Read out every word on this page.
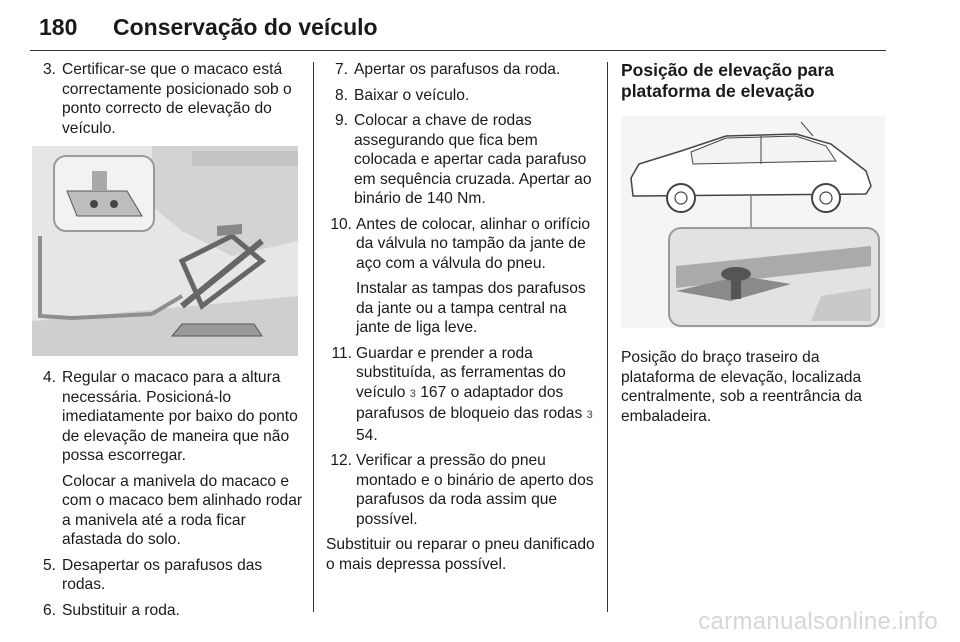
180 Conservação do veículo
3. Certificar-se que o macaco está correctamente posicionado sob o ponto correcto de elevação do veículo.
4. Regular o macaco para a altura necessária. Posicioná-lo imediatamente por baixo do ponto de elevação de maneira que não possa escorregar.
Colocar a manivela do macaco e com o macaco bem alinhado rodar a manivela até a roda ficar afastada do solo.
5. Desapertar os parafusos das rodas.
6. Substituir a roda.
7. Apertar os parafusos da roda.
8. Baixar o veículo.
9. Colocar a chave de rodas assegurando que fica bem colocada e apertar cada parafuso em sequência cruzada. Apertar ao binário de 140 Nm.
10. Antes de colocar, alinhar o orifício da válvula no tampão da jante de aço com a válvula do pneu.
Instalar as tampas dos parafusos da jante ou a tampa central na jante de liga leve.
11. Guardar e prender a roda substituída, as ferramentas do veículo 3 167 o adaptador dos parafusos de bloqueio das rodas 3 54.
12. Verificar a pressão do pneu montado e o binário de aperto dos parafusos da roda assim que possível.
Substituir ou reparar o pneu danificado o mais depressa possível.
Posição de elevação para plataforma de elevação
Posição do braço traseiro da plataforma de elevação, localizada centralmente, sob a reentrância da embaladeira.
carmanualsonline.info
